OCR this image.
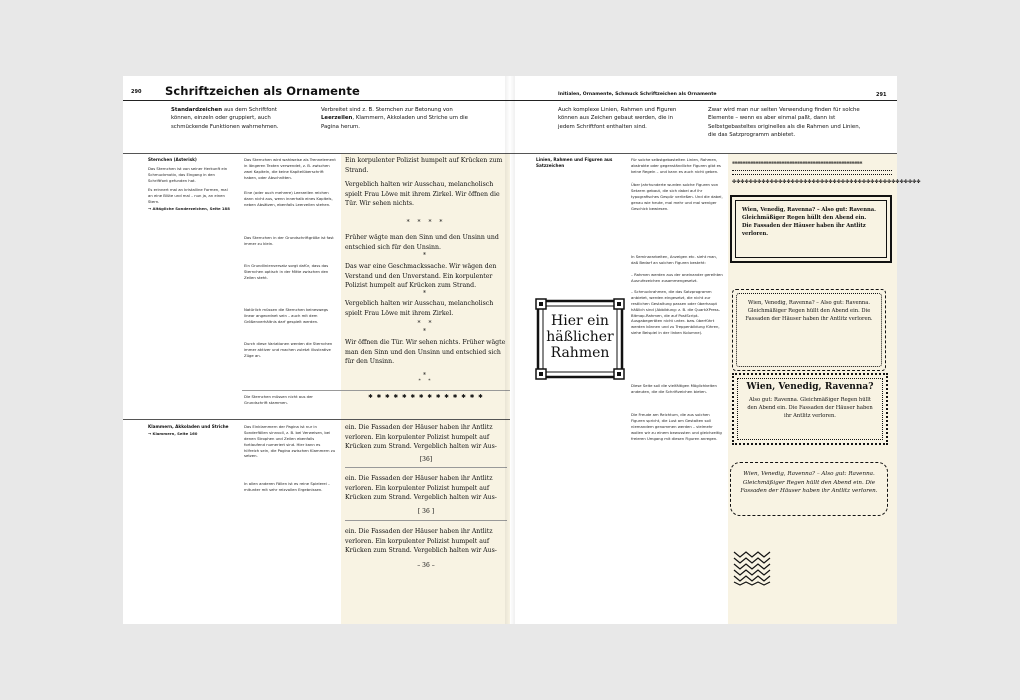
290 Schriftzeichen als Ornamente
Standardzeichen aus dem Schriftfont können, einzeln oder gruppiert, auch schmückende Funktionen wahrnehmen.
Verbreitet sind z. B. Sternchen zur Betonung von Leerzeilen, Klammern, Akkoladen und Striche um die Pagina herum.
Sternchen (Asterisk)
Das Sternchen ist von seiner Herkunft ein Schmuckmotiv, das Eingang in den Schriftfont gefunden hat.
Es erinnert mal an kristalline Formen, mal an eine Blüte und mal – nun ja, an einen Stern.
→ Altägliche Sonderzeichen, Seite 188
Das Sternchen wird wahlweise als Trennelement in längeren Texten verwendet, z. B. zwischen zwei Kapiteln, die keine Kapitelüberschrift haben, oder Abschnitten.
Eine (oder auch mehrere) Leerzeilen reichen dann nicht aus, wenn innerhalb eines Kapitels, neben Absätzen, ebenfalls Leerzeilen stehen.
Das Sternchen in der Grundschriftgröße ist fast immer zu klein.
Ein Grundlinienversatz sorgt dafür, dass das Sternchen optisch in der Mitte zwischen den Zeilen steht.
Natürlich müssen die Sternchen keineswegs linear angeordnet sein – auch mit dem Größenverhältnis darf gespielt werden.
Durch diese Variationen werden die Sternchen immer aktiver und machen zuletzt illustrative Züge an.
Die Sternchen müssen nicht aus der Grundschrift stammen.
Ein korpulenter Polizist humpelt auf Krücken zum Strand.
Vergeblich halten wir Ausschau, melancholisch spielt Frau Löwe mit ihrem Zirkel. Wir öffnen die Tür. Wir sehen nichts.
* * * *
Früher wägte man den Sinn und den Unsinn und entschied sich für den Unsinn.
*
Das war eine Geschmackssache. Wir wägen den Verstand und den Unverstand. Ein korpulenter Polizist humpelt auf Krücken zum Strand.
*
Vergeblich halten wir Ausschau, melancholisch spielt Frau Löwe mit ihrem Zirkel.
* *
*
Wir öffnen die Tür. Wir sehen nichts. Früher wägte man den Sinn und den Unsinn und entschied sich für den Unsinn.
*
* *
✱ ✱ ✱ ✱ ✱ ✱ ✱ ✱ ✱ ✱ ✱ ✱ ✱ ✱
Klammern, Akkoladen und Striche
→ Klammern, Seite 160
Das Einklammern der Pagina ist nur in Sonderfällen sinnvoll, z. B. bei Verweisen, bei denen Strophen und Zeilen ebenfalls fortlaufend numeriert sind. Hier kann es hilfreich sein, die Pagina zwischen Klammern zu setzen.
In allen anderen Fällen ist es reine Spielerei – mitunter mit sehr reizvollen Ergebnissen.
ein. Die Fassaden der Häuser haben ihr Antlitz verloren. Ein korpulenter Polizist humpelt auf Krücken zum Strand. Vergeblich halten wir Aus-
[36]
ein. Die Fassaden der Häuser haben ihr Antlitz verloren. Ein korpulenter Polizist humpelt auf Krücken zum Strand. Vergeblich halten wir Aus-
[ 36 ]
ein. Die Fassaden der Häuser haben ihr Antlitz verloren. Ein korpulenter Polizist humpelt auf Krücken zum Strand. Vergeblich halten wir Aus-
– 36 –
Initialen, Ornamente, Schmuck Schriftzeichen als Ornamente	291
Auch komplexe Linien, Rahmen und Figuren können aus Zeichen gebaut werden, die in jedem Schriftfont enthalten sind.
Zwar wird man nur selten Verwendung finden für solche Elemente – wenn es aber einmal paßt, dann ist Selbstgebasteltes originelles als die Rahmen und Linien, die das Satzprogramm anbietet.
Linien, Rahmen und Figuren aus Satzzeichen
Für solche selbstgebastelten Linien, Rahmen, abstrakte oder gegenständliche Figuren gibt es keine Regeln – und kann es auch nicht geben.
Über Jahrhunderte wurden solche Figuren von Setzern gebaut, die sich dabei auf ihr typografisches Gespür verließen. Und die dabei, genau wie heute, mal mehr und mal weniger Geschick bewiesen.
In Seminararbeiten, Anzeigen etc. sieht man, daß Bedarf an solchen Figuren besteht:
– Rahmen werden aus der aneinander gereihten Ausrufezeichen zusammengesetzt.
– Schmuckrahmen, die das Satzprogramm anbietet, werden eingesetzt, die nicht zur restlichen Gestaltung passen oder überhaupt häßlich sind (Abbildung: z. B. die QuarkXPress-Bitmap-Rahmen, die auf PostScript-Ausgabegeräten nicht unter- bzw. überführt werden können und zu Treppenbildung führen, siehe Beispiel in der linken Kolumne).
Diese Seite soll die vielfältigen Möglichkeiten andeuten, die die Schriftzeichen bieten.
Die Freude am Reichtum, die aus solchen Figuren spricht, die Lust am Gestalten soll niemandem genommen werden – vielmehr wollen wir zu einem bewussten und gleichzeitig freieren Umgang mit diesen Figuren anregen.
Hier ein häßlicher Rahmen
⨳⨳⨳⨳⨳⨳⨳⨳⨳⨳⨳⨳⨳⨳⨳⨳⨳⨳⨳⨳⨳⨳⨳⨳⨳⨳⨳⨳⨳⨳⨳⨳⨳⨳⨳⨳⨳⨳⨳⨳⨳⨳⨳⨳⨳⨳⨳⨳⨳⨳
✤✤✤✤✤✤✤✤✤✤✤✤✤✤✤✤✤✤✤✤✤✤✤✤✤✤✤✤✤✤✤✤✤✤✤✤✤✤✤✤✤✤✤✤✤
Wien, Venedig, Ravenna? – Also gut: Ravenna. Gleichmäßiger Regen hüllt den Abend ein. Die Fassaden der Häuser haben ihr Antlitz verloren.
Wien, Venedig, Ravenna? – Also gut: Ravenna. Gleichmäßiger Regen hüllt den Abend ein. Die Fassaden der Häuser haben ihr Antlitz verloren.
Wien, Venedig, Ravenna?
Also gut: Ravenna. Gleichmäßiger Regen hüllt den Abend ein. Die Fassaden der Häuser haben ihr Antlitz verloren.
Wien, Venedig, Ravenna? – Also gut: Ravenna. Gleichmäßiger Regen hüllt den Abend ein. Die Fassaden der Häuser haben ihr Antlitz verloren.
